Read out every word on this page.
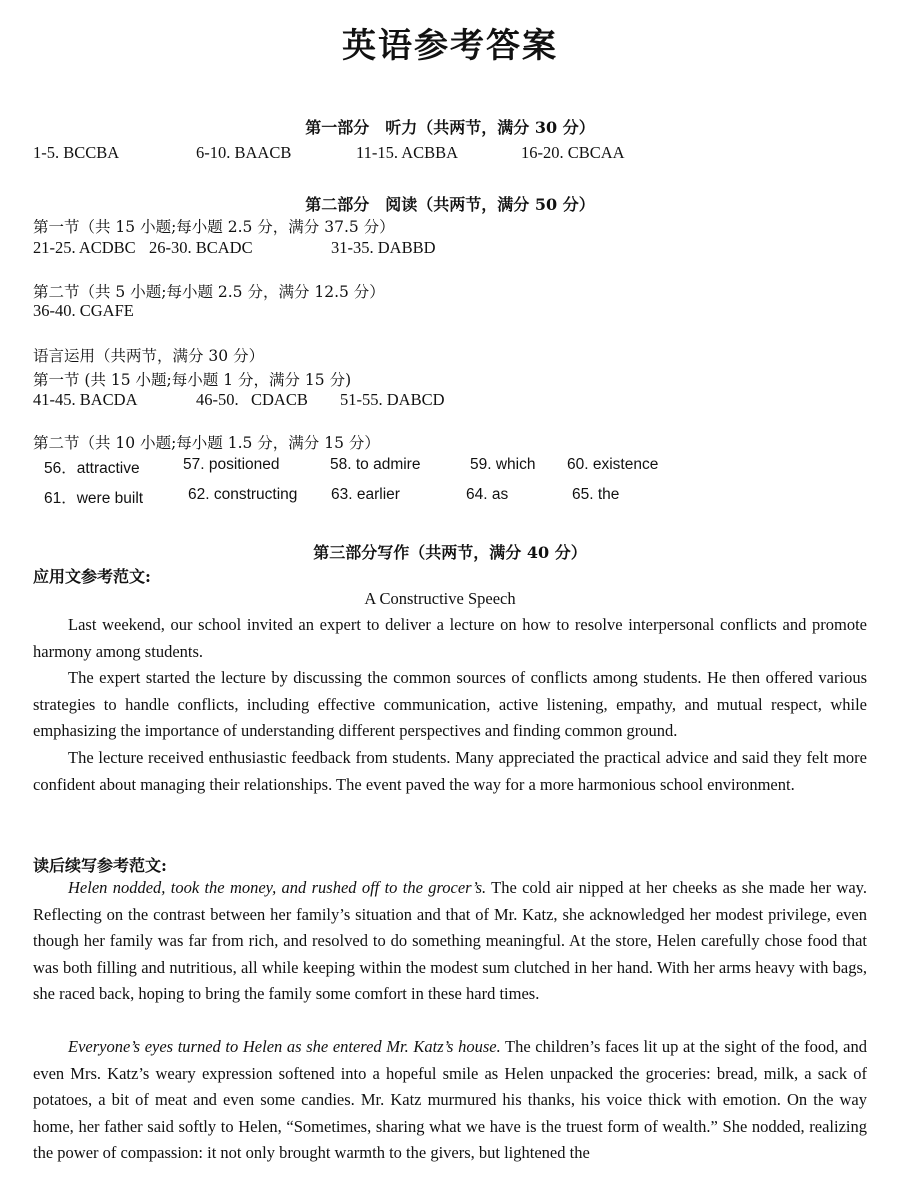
英语参考答案
第一部分　听力（共两节，满分 30 分）
1-5. BCCBA	6-10. BAACB	11-15. ACBBA	16-20. CBCAA
第二部分　阅读（共两节，满分 50 分）
第一节（共 15 小题;每小题 2.5 分，满分 37.5 分）
21-25. ACDBC 26-30. BCADC	31-35. DABBD
第二节（共 5 小题;每小题 2.5 分，满分 12.5 分）
36-40. CGAFE
语言运用（共两节，满分 30 分）
第一节 (共 15 小题;每小题 1 分，满分 15 分)
41-45. BACDA	46-50.   CDACB 51-55. DABCD
第二节（共 10 小题;每小题 1.5 分，满分 15 分）
56．attractive	57. positioned	58. to admire	59. which 60. existence
61．were built	62. constructing 63. earlier	64. as	65. the
第三部分写作（共两节，满分 40 分）
应用文参考范文:
A Constructive Speech
Last weekend, our school invited an expert to deliver a lecture on how to resolve interpersonal conflicts and promote harmony among students.
The expert started the lecture by discussing the common sources of conflicts among students. He then offered various strategies to handle conflicts, including effective communication, active listening, empathy, and mutual respect, while emphasizing the importance of understanding different perspectives and finding common ground.
The lecture received enthusiastic feedback from students. Many appreciated the practical advice and said they felt more confident about managing their relationships. The event paved the way for a more harmonious school environment.
读后续写参考范文:
Helen nodded, took the money, and rushed off to the grocer’s. The cold air nipped at her cheeks as she made her way. Reflecting on the contrast between her family’s situation and that of Mr. Katz, she acknowledged her modest privilege, even though her family was far from rich, and resolved to do something meaningful. At the store, Helen carefully chose food that was both filling and nutritious, all while keeping within the modest sum clutched in her hand. With her arms heavy with bags, she raced back, hoping to bring the family some comfort in these hard times.
Everyone’s eyes turned to Helen as she entered Mr. Katz’s house. The children’s faces lit up at the sight of the food, and even Mrs. Katz’s weary expression softened into a hopeful smile as Helen unpacked the groceries: bread, milk, a sack of potatoes, a bit of meat and even some candies. Mr. Katz murmured his thanks, his voice thick with emotion. On the way home, her father said softly to Helen, “Sometimes, sharing what we have is the truest form of wealth.” She nodded, realizing the power of compassion: it not only brought warmth to the givers, but lightened the
